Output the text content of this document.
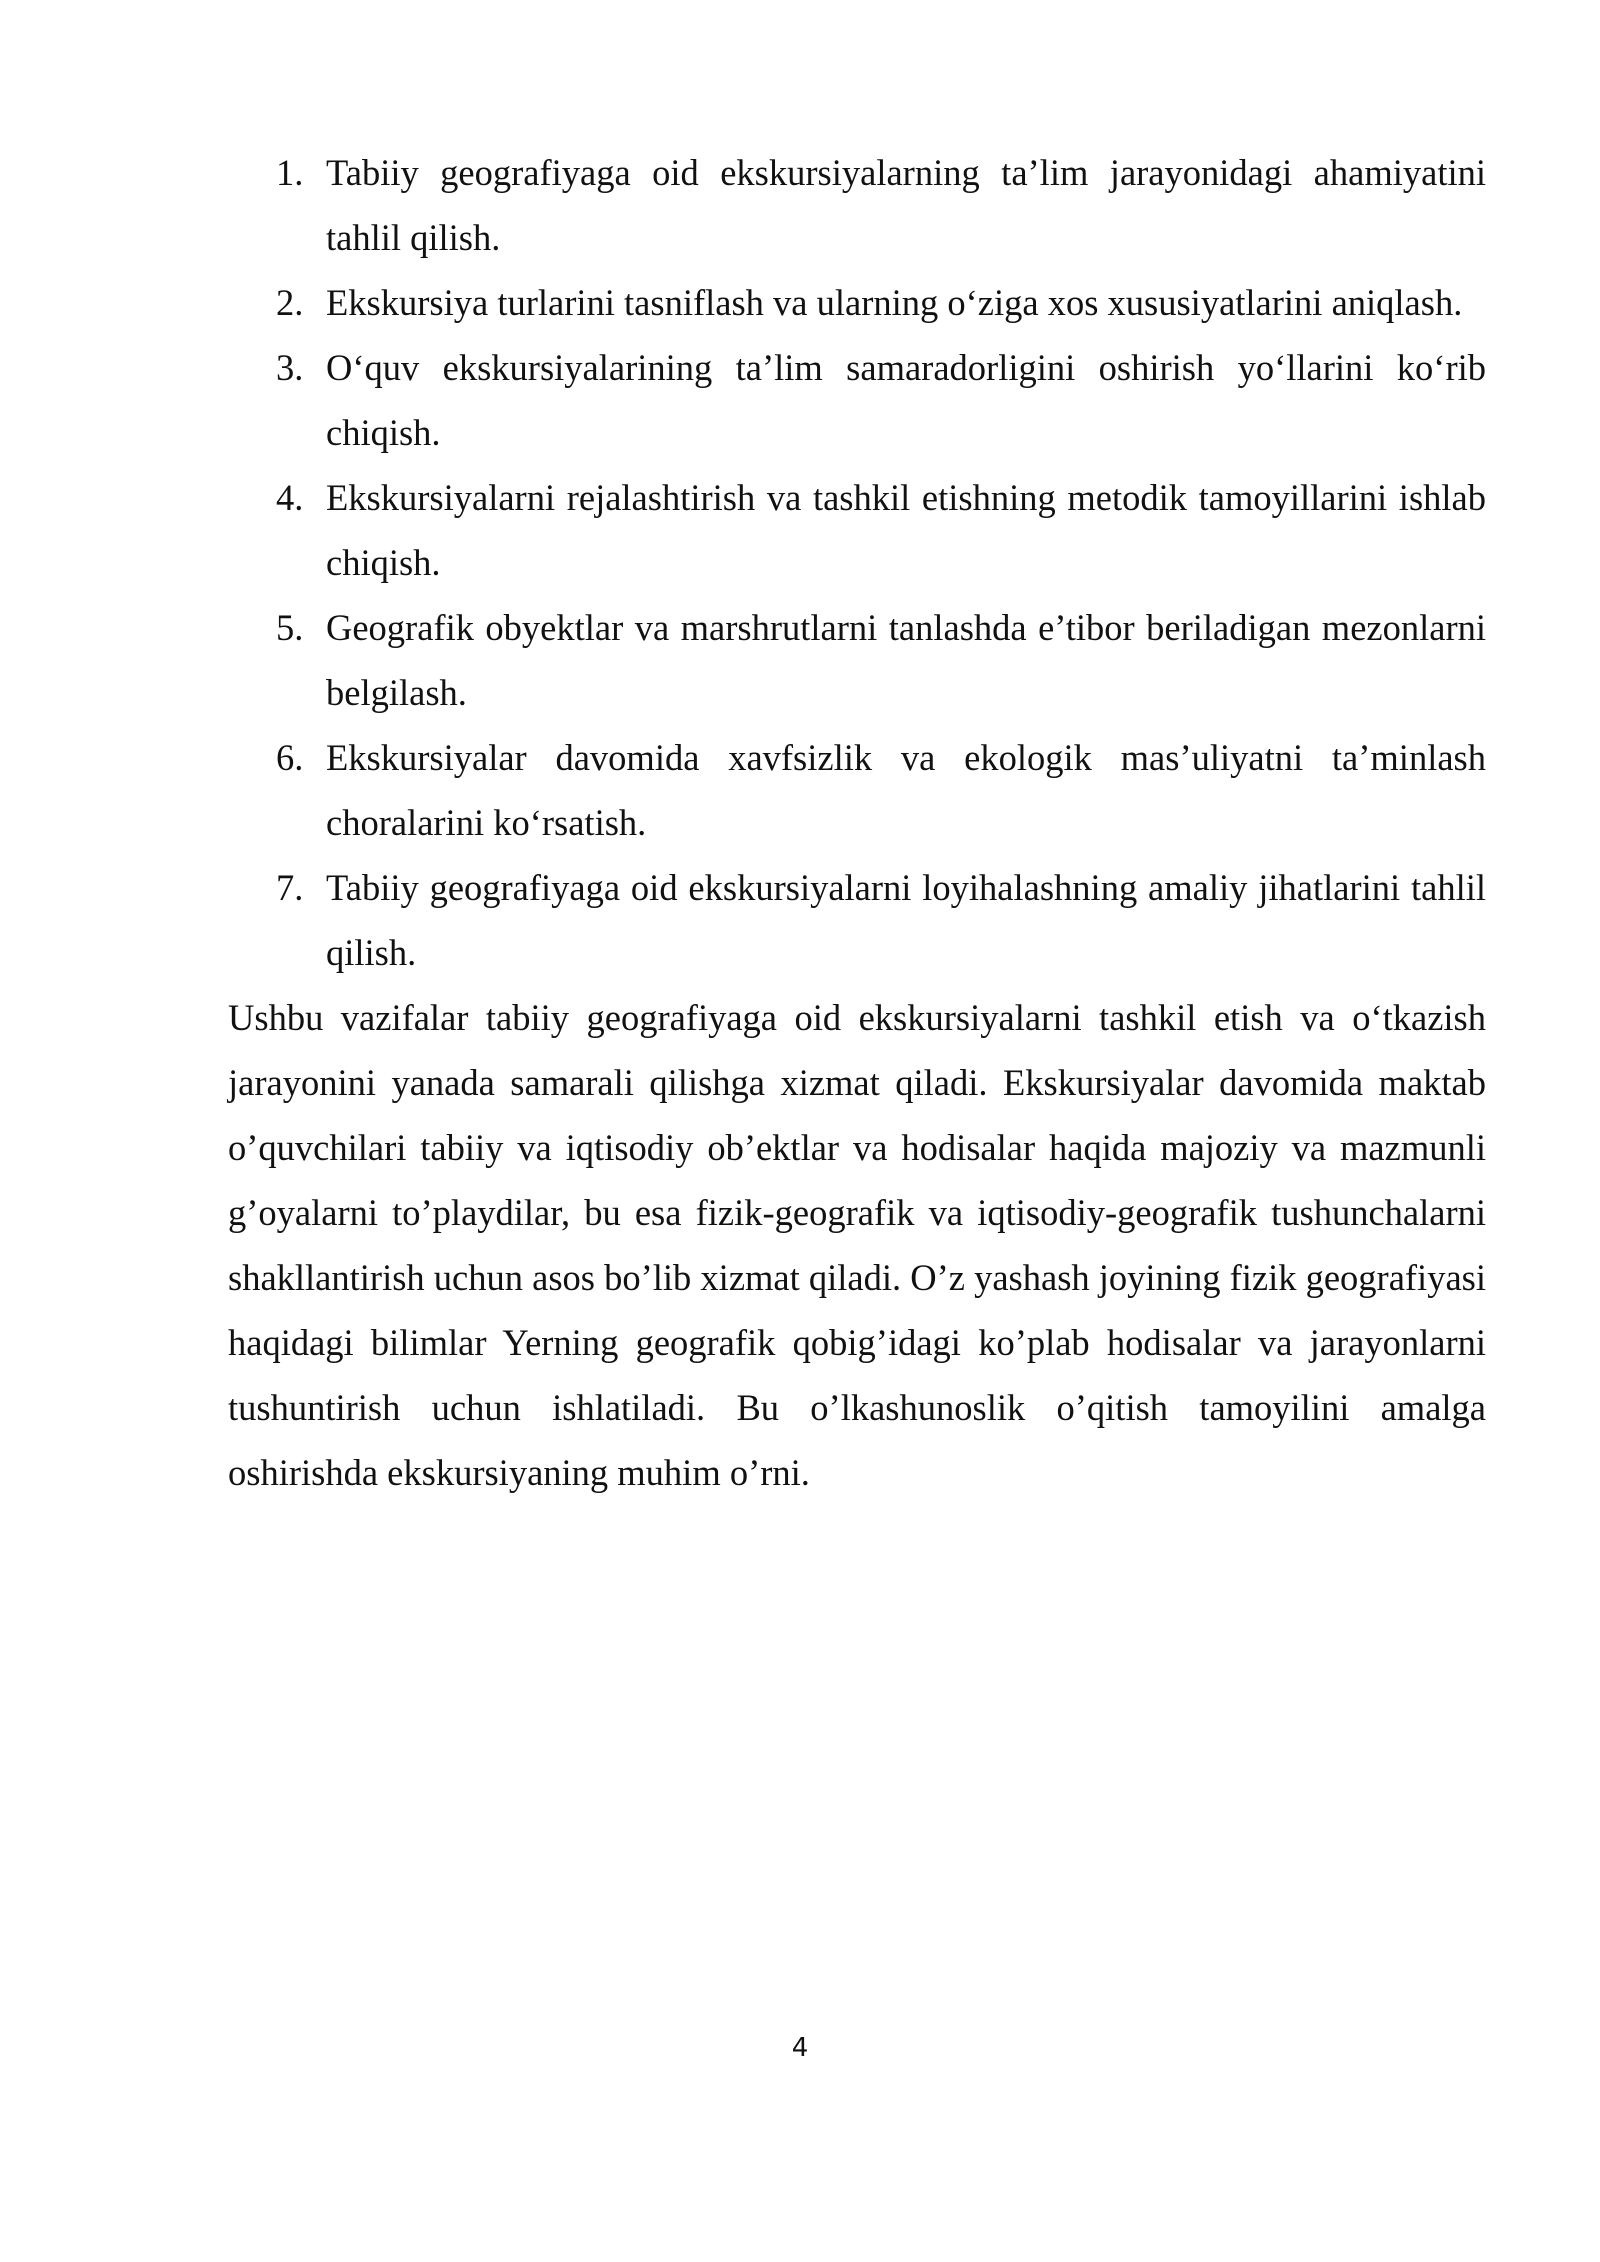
1. Tabiiy geografiyaga oid ekskursiyalarning ta’lim jarayonidagi ahamiyatini tahlil qilish.
2. Ekskursiya turlarini tasniflash va ularning o‘ziga xos xususiyatlarini aniqlash.
3. O‘quv ekskursiyalarining ta’lim samaradorligini oshirish yo‘llarini ko‘rib chiqish.
4. Ekskursiyalarni rejalashtirish va tashkil etishning metodik tamoyillarini ishlab chiqish.
5. Geografik obyektlar va marshrutlarni tanlashda e’tibor beriladigan mezonlarni belgilash.
6. Ekskursiyalar davomida xavfsizlik va ekologik mas’uliyatni ta’minlash choralarini ko‘rsatish.
7. Tabiiy geografiyaga oid ekskursiyalarni loyihalashning amaliy jihatlarini tahlil qilish.

Ushbu vazifalar tabiiy geografiyaga oid ekskursiyalarni tashkil etish va o‘tkazish jarayonini yanada samarali qilishga xizmat qiladi. Ekskursiyalar davomida maktab o’quvchilari tabiiy va iqtisodiy ob’ektlar va hodisalar haqida majoziy va mazmunli g’oyalarni to’playdilar, bu esa fizik-geografik va iqtisodiy-geografik tushunchalarni shakllantirish uchun asos bo’lib xizmat qiladi. O’z yashash joyining fizik geografiyasi haqidagi bilimlar Yerning geografik qobig’idagi ko’plab hodisalar va jarayonlarni tushuntirish uchun ishlatiladi. Bu o’lkashunoslik o’qitish tamoyilini amalga oshirishda ekskursiyaning muhim o’rni.

4
